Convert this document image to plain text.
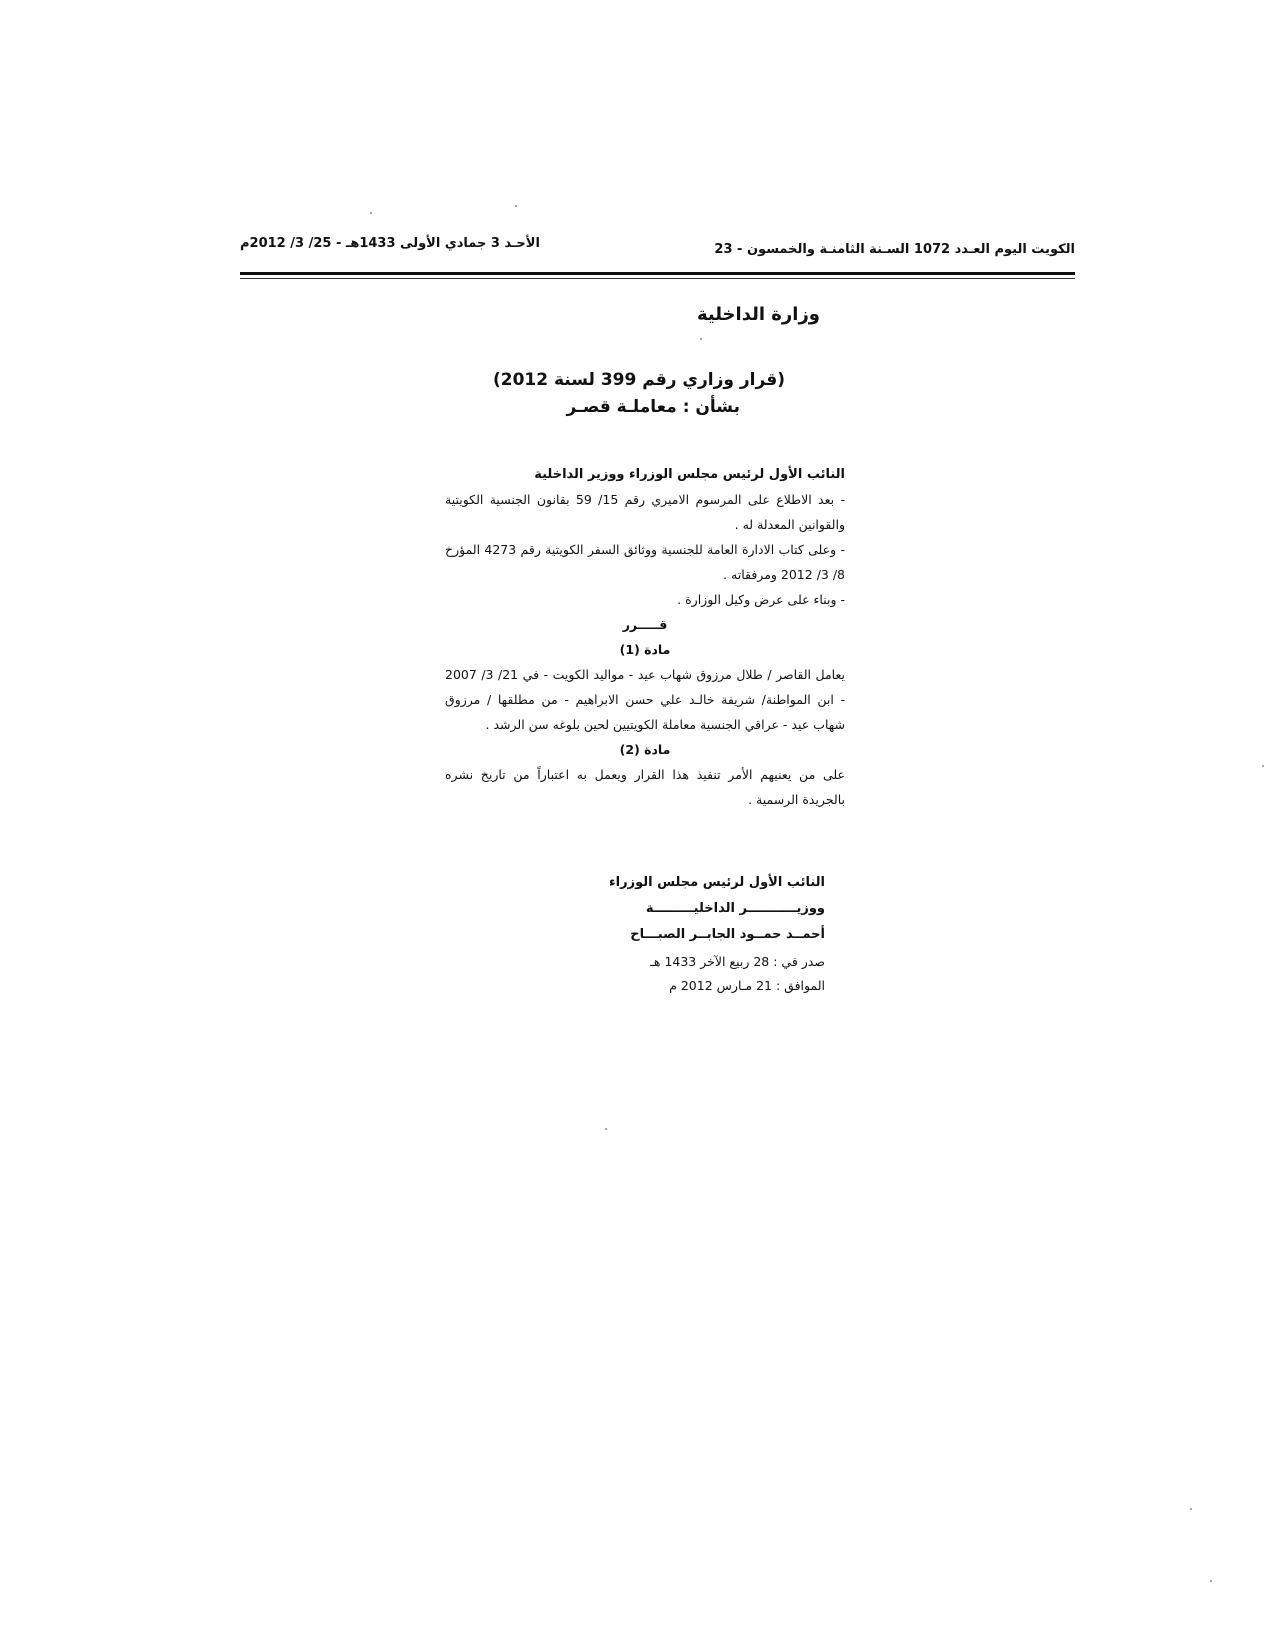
الكويت اليوم العـدد 1072 السـنة الثامنـة والخمسون - 23
الأحـد 3 جمادي الأولى 1433هـ - 25/ 3/ 2012م
وزارة الداخلية
(قرار وزاري رقم 399 لسنة 2012)
بشأن : معاملـة قصـر

النائب الأول لرئيس مجلس الوزراء ووزير الداخلية

- بعد الاطلاع على المرسوم الاميري رقم 15/ 59 بقانون الجنسية الكويتية والقوانين المعدلة له .

- وعلى كتاب الادارة العامة للجنسية ووثائق السفر الكويتية رقم 4273 المؤرخ 8/ 3/ 2012 ومرفقاته .

- وبناء على عرض وكيل الوزارة .

قـــــرر

مادة (1)

يعامل القاصر / طلال مرزوق شهاب عيد - مواليد الكويت - في 21/ 3/ 2007 - ابن المواطنة/ شريفة خالـد علي حسن الابراهيم - من مطلقها / مرزوق شهاب عيد - عراقي الجنسية معاملة الكويتيين لحين بلوغه سن الرشد .

مادة (2)

على من يعنيهم الأمر تنفيذ هذا القرار ويعمل به اعتباراً من تاريخ نشره بالجريدة الرسمية .

النائب الأول لرئيس مجلس الوزراء
ووزيـــــــــــر الداخليـــــــــة
أحمــد حمــود الجابــر الصبـــاح
صدر في : 28 ربيع الآخر 1433 هـ
الموافق : 21 مـارس 2012 م
